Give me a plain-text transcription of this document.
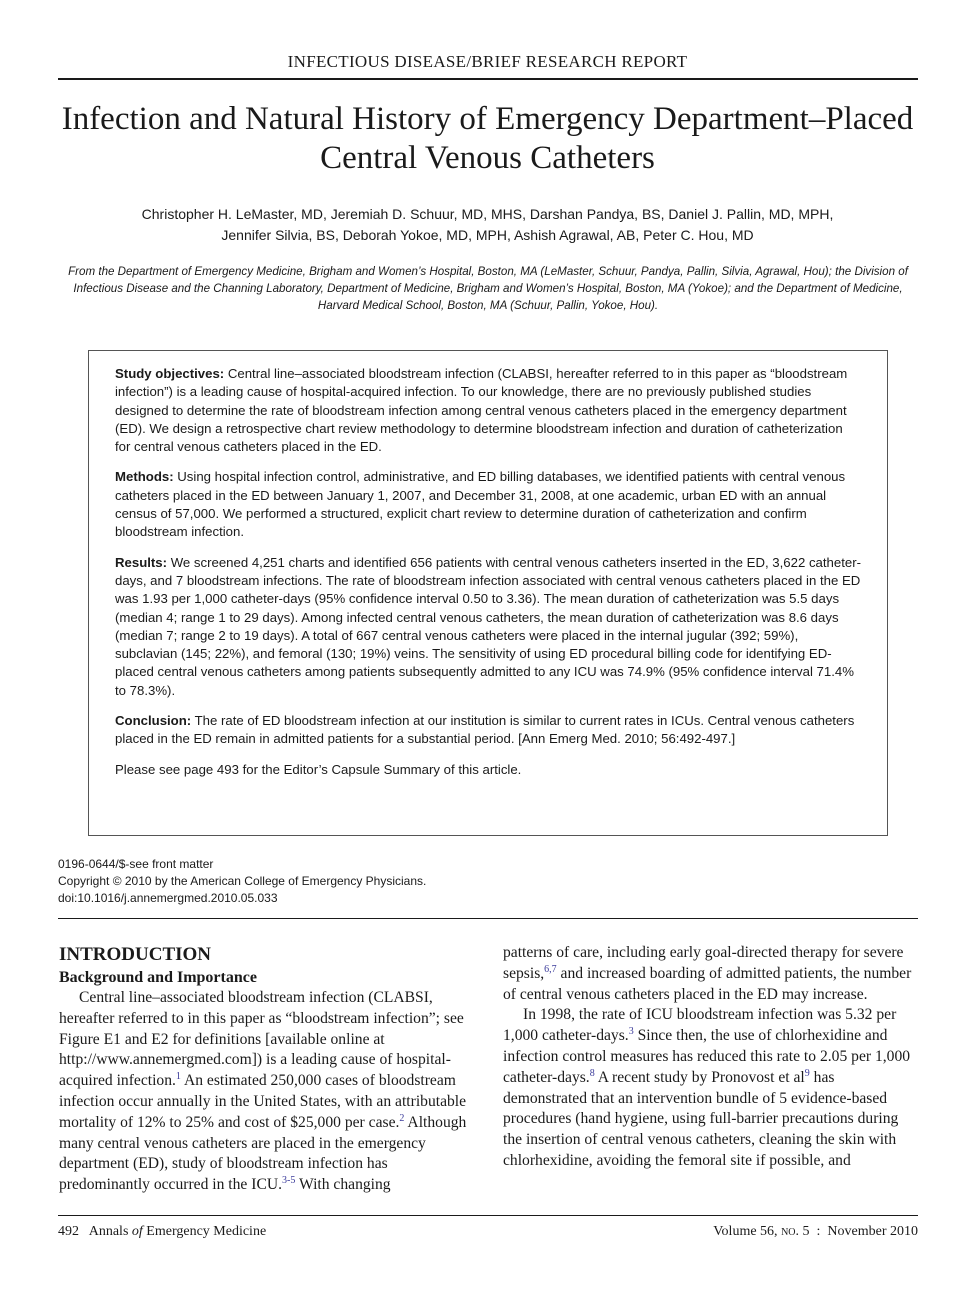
INFECTIOUS DISEASE/BRIEF RESEARCH REPORT
Infection and Natural History of Emergency Department–Placed
Central Venous Catheters
Christopher H. LeMaster, MD, Jeremiah D. Schuur, MD, MHS, Darshan Pandya, BS, Daniel J. Pallin, MD, MPH,
Jennifer Silvia, BS, Deborah Yokoe, MD, MPH, Ashish Agrawal, AB, Peter C. Hou, MD
From the Department of Emergency Medicine, Brigham and Women’s Hospital, Boston, MA (LeMaster, Schuur, Pandya, Pallin, Silvia, Agrawal, Hou); the Division of Infectious Disease and the Channing Laboratory, Department of Medicine, Brigham and Women’s Hospital, Boston, MA (Yokoe); and the Department of Medicine, Harvard Medical School, Boston, MA (Schuur, Pallin, Yokoe, Hou).

Study objectives: Central line–associated bloodstream infection (CLABSI, hereafter referred to in this paper as “bloodstream infection”) is a leading cause of hospital-acquired infection. To our knowledge, there are no previously published studies designed to determine the rate of bloodstream infection among central venous catheters placed in the emergency department (ED). We design a retrospective chart review methodology to determine bloodstream infection and duration of catheterization for central venous catheters placed in the ED.

Methods: Using hospital infection control, administrative, and ED billing databases, we identified patients with central venous catheters placed in the ED between January 1, 2007, and December 31, 2008, at one academic, urban ED with an annual census of 57,000. We performed a structured, explicit chart review to determine duration of catheterization and confirm bloodstream infection.

Results: We screened 4,251 charts and identified 656 patients with central venous catheters inserted in the ED, 3,622 catheter-days, and 7 bloodstream infections. The rate of bloodstream infection associated with central venous catheters placed in the ED was 1.93 per 1,000 catheter-days (95% confidence interval 0.50 to 3.36). The mean duration of catheterization was 5.5 days (median 4; range 1 to 29 days). Among infected central venous catheters, the mean duration of catheterization was 8.6 days (median 7; range 2 to 19 days). A total of 667 central venous catheters were placed in the internal jugular (392; 59%), subclavian (145; 22%), and femoral (130; 19%) veins. The sensitivity of using ED procedural billing code for identifying ED-placed central venous catheters among patients subsequently admitted to any ICU was 74.9% (95% confidence interval 71.4% to 78.3%).

Conclusion: The rate of ED bloodstream infection at our institution is similar to current rates in ICUs. Central venous catheters placed in the ED remain in admitted patients for a substantial period. [Ann Emerg Med. 2010; 56:492-497.]

Please see page 493 for the Editor’s Capsule Summary of this article.

0196-0644/$-see front matter
Copyright © 2010 by the American College of Emergency Physicians.
doi:10.1016/j.annemergmed.2010.05.033

INTRODUCTION

Background and Importance

Central line–associated bloodstream infection (CLABSI, hereafter referred to in this paper as “bloodstream infection”; see Figure E1 and E2 for definitions [available online at http://www.annemergmed.com]) is a leading cause of hospital-acquired infection.$^1$ An estimated 250,000 cases of bloodstream infection occur annually in the United States, with an attributable mortality of 12% to 25% and cost of $25,000 per case.$^2$ Although many central venous catheters are placed in the emergency department (ED), study of bloodstream infection has predominantly occurred in the ICU.$^{3-5}$ With changing

patterns of care, including early goal-directed therapy for severe sepsis,$^{6,7}$ and increased boarding of admitted patients, the number of central venous catheters placed in the ED may increase.

In 1998, the rate of ICU bloodstream infection was 5.32 per 1,000 catheter-days.$^3$ Since then, the use of chlorhexidine and infection control measures has reduced this rate to 2.05 per 1,000 catheter-days.$^8$ A recent study by Pronovost et $al^9$ has demonstrated that an intervention bundle of 5 evidence-based procedures (hand hygiene, using full-barrier precautions during the insertion of central venous catheters, cleaning the skin with chlorhexidine, avoiding the femoral site if possible, and

492 Annals of Emergency Medicine	Volume 56, no. 5 : November 2010
